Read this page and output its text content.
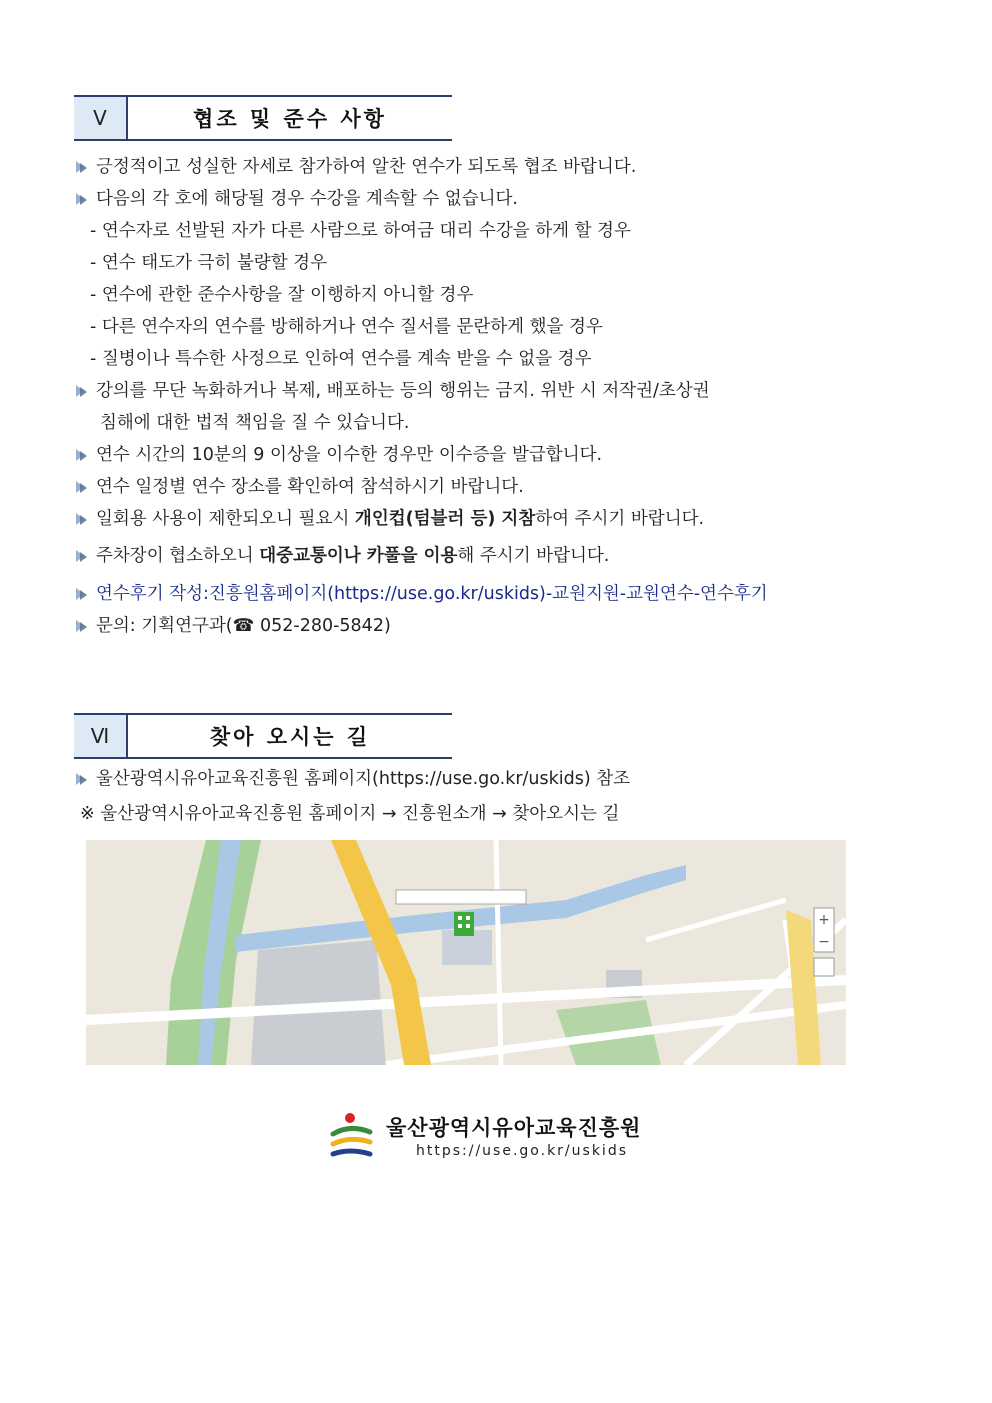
V	협조 및 준수 사항
긍정적이고 성실한 자세로 참가하여 알찬 연수가 되도록 협조 바랍니다.
다음의 각 호에 해당될 경우 수강을 계속할 수 없습니다.
- 연수자로 선발된 자가 다른 사람으로 하여금 대리 수강을 하게 할 경우
- 연수 태도가 극히 불량할 경우
- 연수에 관한 준수사항을 잘 이행하지 아니할 경우
- 다른 연수자의 연수를 방해하거나 연수 질서를 문란하게 했을 경우
- 질병이나 특수한 사정으로 인하여 연수를 계속 받을 수 없을 경우
강의를 무단 녹화하거나 복제, 배포하는 등의 행위는 금지. 위반 시 저작권/초상권
침해에 대한 법적 책임을 질 수 있습니다.
연수 시간의 10분의 9 이상을 이수한 경우만 이수증을 발급합니다.
연수 일정별 연수 장소를 확인하여 참석하시기 바랍니다.
일회용 사용이 제한되오니 필요시 개인컵(텀블러 등) 지참하여 주시기 바랍니다.
주차장이 협소하오니 대중교통이나 카풀을 이용해 주시기 바랍니다.
연수후기 작성:진흥원홈페이지(https://use.go.kr/uskids)-교원지원-교원연수-연수후기
문의: 기획연구과(☎ 052-280-5842)
Ⅵ	찾아 오시는 길
울산광역시유아교육진흥원 홈페이지(https://use.go.kr/uskids) 참조
※ 울산광역시유아교육진흥원 홈페이지 → 진흥원소개 → 찾아오시는 길
+
−
울산광역시유아교육진흥원
https://use.go.kr/uskids
